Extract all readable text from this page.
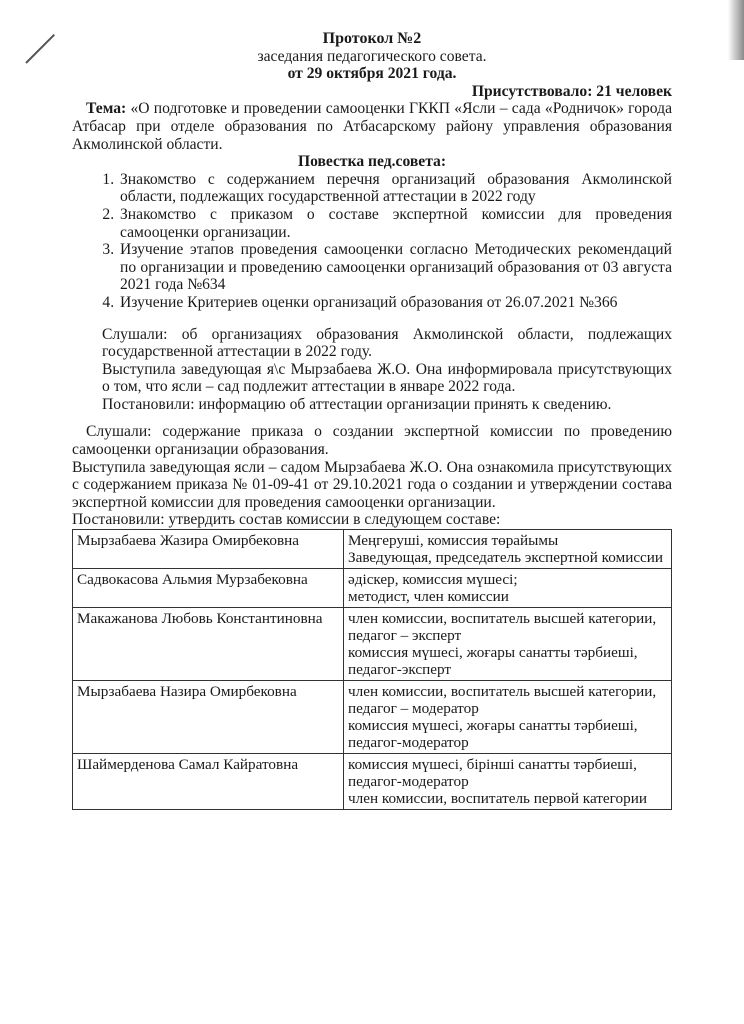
Протокол №2

заседания педагогического совета.

от 29 октября 2021 года.

Присутствовало: 21 человек

Тема: «О подготовке и проведении самооценки ГККП «Ясли – сада «Родничок» города Атбасар при отделе образования по Атбасарскому району управления образования Акмолинской области.

Повестка пед.совета:

1. Знакомство с содержанием перечня организаций образования Акмолинской области, подлежащих государственной аттестации в 2022 году
2. Знакомство с приказом о составе экспертной комиссии для проведения самооценки организации.
3. Изучение этапов проведения самооценки согласно Методических рекомендаций по организации и проведению самооценки организаций образования от 03 августа 2021 года №634
4. Изучение Критериев оценки организаций образования от 26.07.2021 №366

Слушали: об организациях образования Акмолинской области, подлежащих государственной аттестации в 2022 году.

Выступила заведующая я\с Мырзабаева Ж.О. Она информировала присутствующих о том, что ясли – сад подлежит аттестации в январе 2022 года.

Постановили: информацию об аттестации организации принять к сведению.

Слушали: содержание приказа о создании экспертной комиссии по проведению самооценки организации образования.

Выступила заведующая ясли – садом Мырзабаева Ж.О. Она ознакомила присутствующих с содержанием приказа № 01-09-41 от 29.10.2021 года о создании и утверждении состава экспертной комиссии для проведения самооценки организации.

Постановили: утвердить состав комиссии в следующем составе:

Мырзабаева Жазира Омирбековна	Меңгеруші, комиссия төрайымы
Заведующая, председатель экспертной комиссии

Садвокасова Альмия Мурзабековна	әдіскер, комиссия мүшесі;
методист, член комиссии

Макажанова Любовь Константиновна	член комиссии, воспитатель высшей категории, педагог – эксперт
комиссия мүшесі, жоғары санатты тәрбиеші, педагог-эксперт

Мырзабаева Назира Омирбековна	член комиссии, воспитатель высшей категории, педагог – модератор
комиссия мүшесі, жоғары санатты тәрбиеші, педагог-модератор

Шаймерденова Самал Кайратовна	комиссия мүшесі, бірінші санатты тәрбиеші, педагог-модератор
член комиссии, воспитатель первой категории
